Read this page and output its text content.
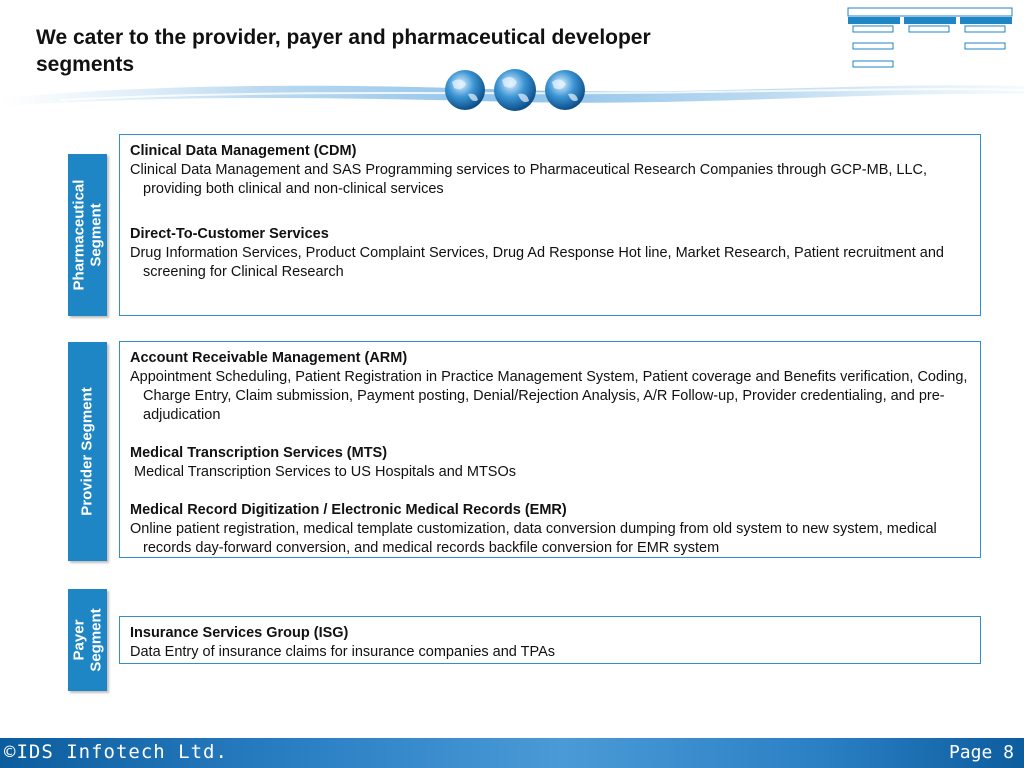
We cater to the provider, payer and pharmaceutical developer
segments
Pharmaceutical Segment
Clinical Data Management (CDM)
Clinical Data Management and SAS Programming services to Pharmaceutical Research Companies through GCP-MB, LLC, providing both clinical and non-clinical services
Direct-To-Customer Services
Drug Information Services, Product Complaint Services, Drug Ad Response Hot line, Market Research, Patient recruitment and screening for Clinical Research
Provider Segment
Account Receivable Management (ARM)
Appointment Scheduling, Patient Registration in Practice Management System, Patient coverage and Benefits verification, Coding, Charge Entry, Claim submission, Payment posting, Denial/Rejection Analysis, A/R Follow-up, Provider credentialing, and pre-adjudication
Medical Transcription Services (MTS)
Medical Transcription Services to US Hospitals and MTSOs
Medical Record Digitization / Electronic Medical Records (EMR)
Online patient registration, medical template customization, data conversion dumping from old system to new system, medical records day-forward conversion, and medical records backfile conversion for EMR system
Payer Segment Insurance Services Group (ISG)
Data Entry of insurance claims for insurance companies and TPAs
©IDS Infotech Ltd.	Page 8
